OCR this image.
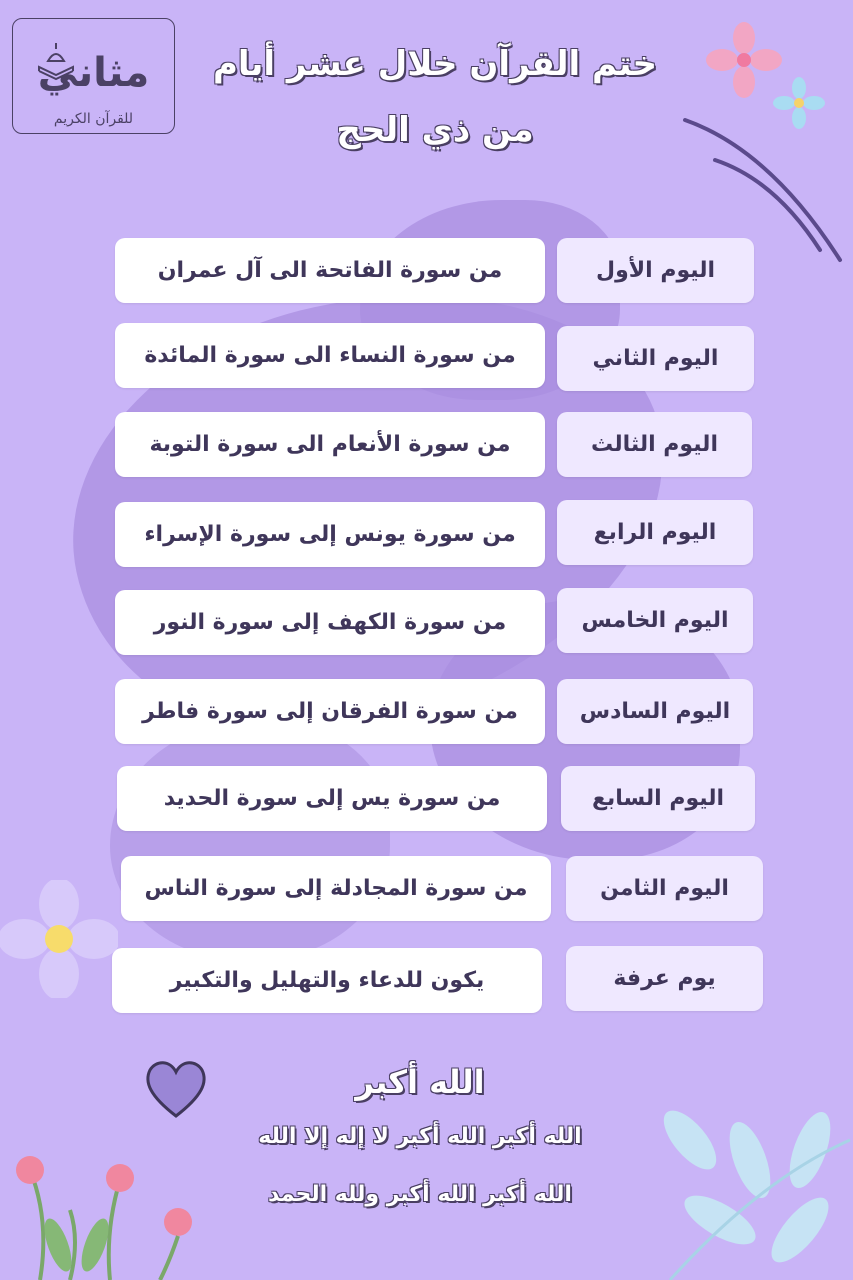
مثاني
للقرآن الكريم
ختم القرآن خلال عشر أيام
من ذي الحج
اليوم الأول
من سورة الفاتحة الى آل عمران
اليوم الثاني
من سورة النساء الى سورة المائدة
اليوم الثالث
من سورة الأنعام الى سورة التوبة
اليوم الرابع
من سورة يونس إلى سورة الإسراء
اليوم الخامس
من سورة الكهف إلى سورة النور
اليوم السادس
من سورة الفرقان إلى سورة فاطر
اليوم السابع
من سورة يس إلى سورة الحديد
اليوم الثامن
من سورة المجادلة إلى سورة الناس
يوم عرفة
يكون للدعاء والتهليل والتكبير
الله أكبر
الله أكبر الله أكبر لا إله إلا الله
الله أكبر الله أكبر ولله الحمد
